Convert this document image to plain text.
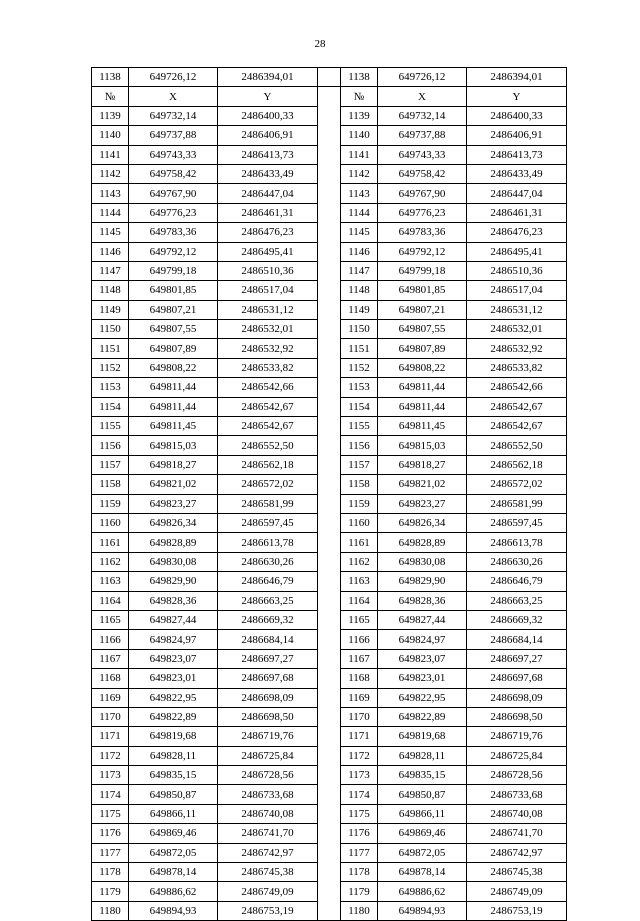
28
1138	649726,12	2486394,01		1138	649726,12	2486394,01
№	X	Y		№	X	Y
1139	649732,14	2486400,33		1139	649732,14	2486400,33
1140	649737,88	2486406,91		1140	649737,88	2486406,91
1141	649743,33	2486413,73		1141	649743,33	2486413,73
1142	649758,42	2486433,49		1142	649758,42	2486433,49
1143	649767,90	2486447,04		1143	649767,90	2486447,04
1144	649776,23	2486461,31		1144	649776,23	2486461,31
1145	649783,36	2486476,23		1145	649783,36	2486476,23
1146	649792,12	2486495,41		1146	649792,12	2486495,41
1147	649799,18	2486510,36		1147	649799,18	2486510,36
1148	649801,85	2486517,04		1148	649801,85	2486517,04
1149	649807,21	2486531,12		1149	649807,21	2486531,12
1150	649807,55	2486532,01		1150	649807,55	2486532,01
1151	649807,89	2486532,92		1151	649807,89	2486532,92
1152	649808,22	2486533,82		1152	649808,22	2486533,82
1153	649811,44	2486542,66		1153	649811,44	2486542,66
1154	649811,44	2486542,67		1154	649811,44	2486542,67
1155	649811,45	2486542,67		1155	649811,45	2486542,67
1156	649815,03	2486552,50		1156	649815,03	2486552,50
1157	649818,27	2486562,18		1157	649818,27	2486562,18
1158	649821,02	2486572,02		1158	649821,02	2486572,02
1159	649823,27	2486581,99		1159	649823,27	2486581,99
1160	649826,34	2486597,45		1160	649826,34	2486597,45
1161	649828,89	2486613,78		1161	649828,89	2486613,78
1162	649830,08	2486630,26		1162	649830,08	2486630,26
1163	649829,90	2486646,79		1163	649829,90	2486646,79
1164	649828,36	2486663,25		1164	649828,36	2486663,25
1165	649827,44	2486669,32		1165	649827,44	2486669,32
1166	649824,97	2486684,14		1166	649824,97	2486684,14
1167	649823,07	2486697,27		1167	649823,07	2486697,27
1168	649823,01	2486697,68		1168	649823,01	2486697,68
1169	649822,95	2486698,09		1169	649822,95	2486698,09
1170	649822,89	2486698,50		1170	649822,89	2486698,50
1171	649819,68	2486719,76		1171	649819,68	2486719,76
1172	649828,11	2486725,84		1172	649828,11	2486725,84
1173	649835,15	2486728,56		1173	649835,15	2486728,56
1174	649850,87	2486733,68		1174	649850,87	2486733,68
1175	649866,11	2486740,08		1175	649866,11	2486740,08
1176	649869,46	2486741,70		1176	649869,46	2486741,70
1177	649872,05	2486742,97		1177	649872,05	2486742,97
1178	649878,14	2486745,38		1178	649878,14	2486745,38
1179	649886,62	2486749,09		1179	649886,62	2486749,09
1180	649894,93	2486753,19		1180	649894,93	2486753,19
